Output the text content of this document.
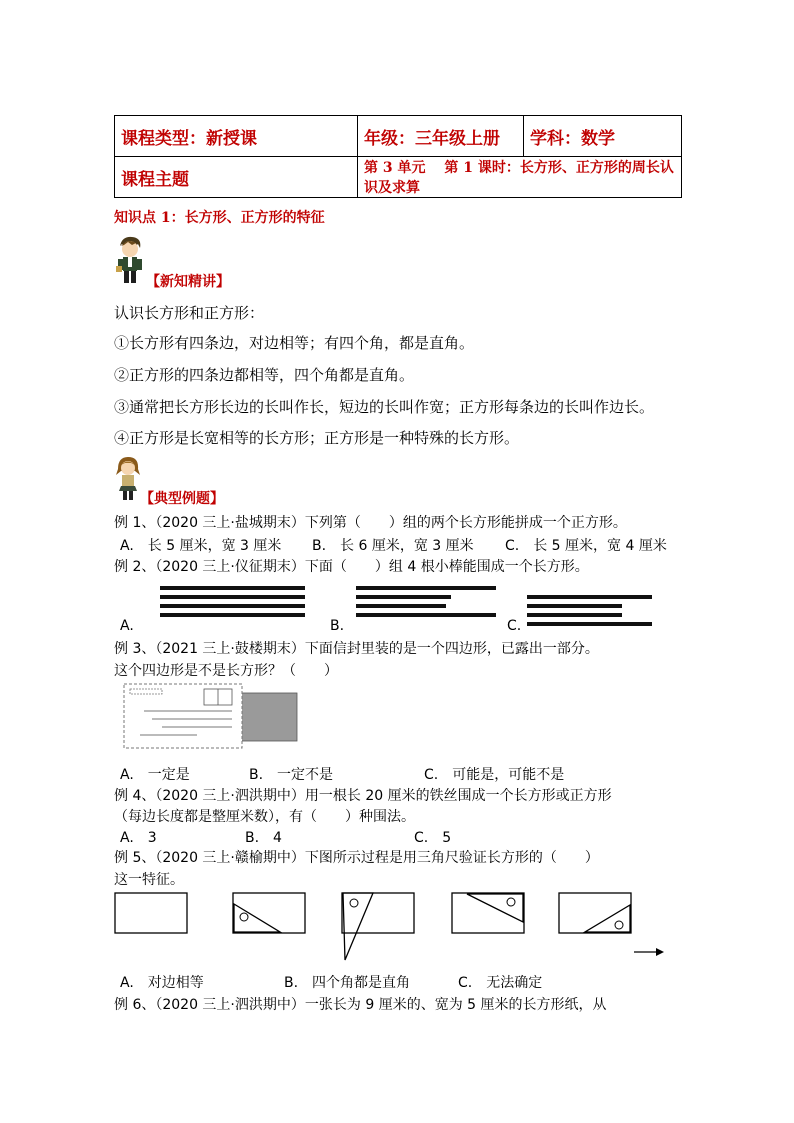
课程类型：新授课	年级：三年级上册	学科：数学
课程主题	第 3 单元　 第 1 课时：长方形、正方形的周长认识及求算	
知识点 1：长方形、正方形的特征
【新知精讲】
认识长方形和正方形：
①长方形有四条边，对边相等；有四个角，都是直角。
②正方形的四条边都相等，四个角都是直角。
③通常把长方形长边的长叫作长，短边的长叫作宽；正方形每条边的长叫作边长。
④正方形是长宽相等的长方形；正方形是一种特殊的长方形。
【典型例题】
例 1、（2020 三上·盐城期末）下列第（　　）组的两个长方形能拼成一个正方形。
A.　长 5 厘米，宽 3 厘米 B.　长 6 厘米，宽 3 厘米 C.　长 5 厘米，宽 4 厘米
例 2、（2020 三上·仪征期末）下面（　　）组 4 根小棒能围成一个长方形。
A.	B.	C.
例 3、（2021 三上·鼓楼期末）下面信封里装的是一个四边形，已露出一部分。
这个四边形是不是长方形？（　　）
A.　一定是	B.　一定不是	C.　可能是，可能不是
例 4、（2020 三上·泗洪期中）用一根长 20 厘米的铁丝围成一个长方形或正方形
（每边长度都是整厘米数），有（　　）种围法。
A.　3	B.　4	C.　5
例 5、（2020 三上·赣榆期中）下图所示过程是用三角尺验证长方形的（　　）
这一特征。
A.　对边相等	B.　四个角都是直角	C.　无法确定
例 6、（2020 三上·泗洪期中）一张长为 9 厘米的、宽为 5 厘米的长方形纸，从
